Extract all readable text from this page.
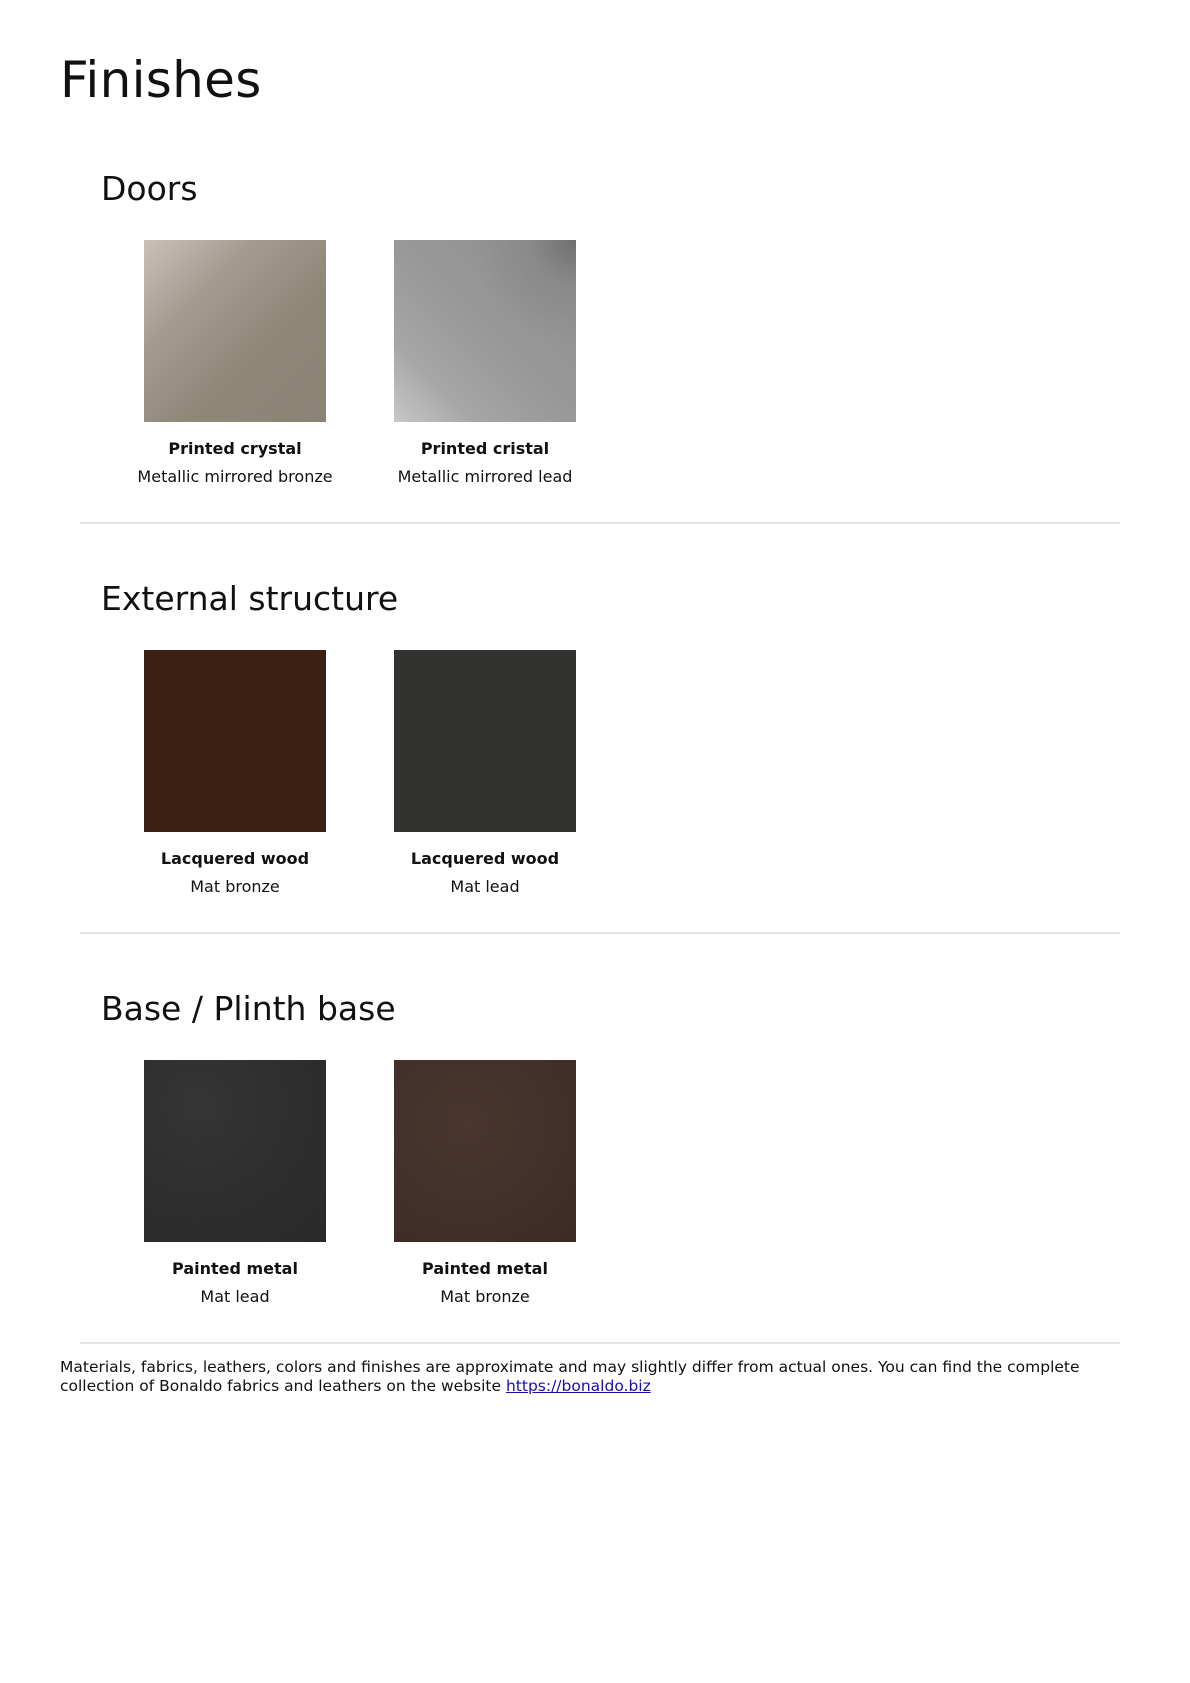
Finishes
Doors
Printed crystal
Metallic mirrored bronze
Printed cristal
Metallic mirrored lead
External structure
Lacquered wood
Mat bronze
Lacquered wood
Mat lead
Base / Plinth base
Painted metal
Mat lead
Painted metal
Mat bronze
Materials, fabrics, leathers, colors and finishes are approximate and may slightly differ from actual ones. You can find the complete collection of Bonaldo fabrics and leathers on the website https://bonaldo.biz
